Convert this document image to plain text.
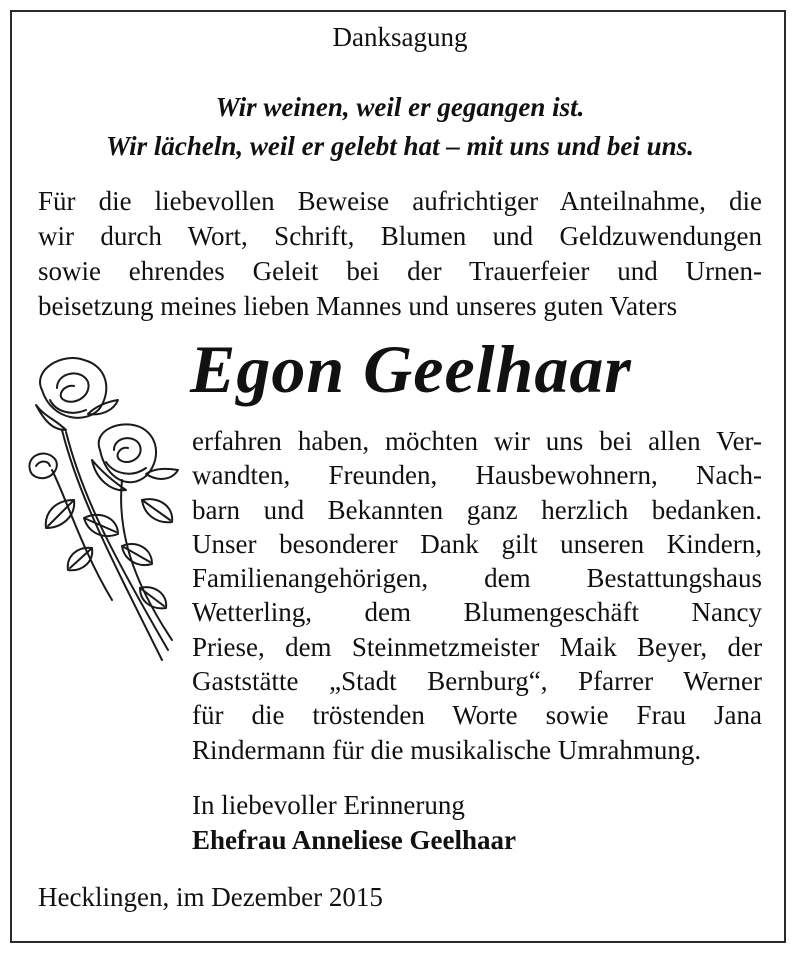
Danksagung
Wir weinen, weil er gegangen ist.
Wir lächeln, weil er gelebt hat – mit uns und bei uns.
Für die liebevollen Beweise aufrichtiger Anteilnahme, die
wir durch Wort, Schrift, Blumen und Geldzuwendungen
sowie ehrendes Geleit bei der Trauerfeier und Urnen-
beisetzung meines lieben Mannes und unseres guten Vaters
Egon Geelhaar
erfahren haben, möchten wir uns bei allen Ver-
wandten, Freunden, Hausbewohnern, Nach-
barn und Bekannten ganz herzlich bedanken.
Unser besonderer Dank gilt unseren Kindern,
Familienangehörigen, dem Bestattungshaus
Wetterling, dem Blumengeschäft Nancy
Priese, dem Steinmetzmeister Maik Beyer, der
Gaststätte „Stadt Bernburg“, Pfarrer Werner
für die tröstenden Worte sowie Frau Jana
Rindermann für die musikalische Umrahmung.
In liebevoller Erinnerung
Ehefrau Anneliese Geelhaar
Hecklingen, im Dezember 2015
